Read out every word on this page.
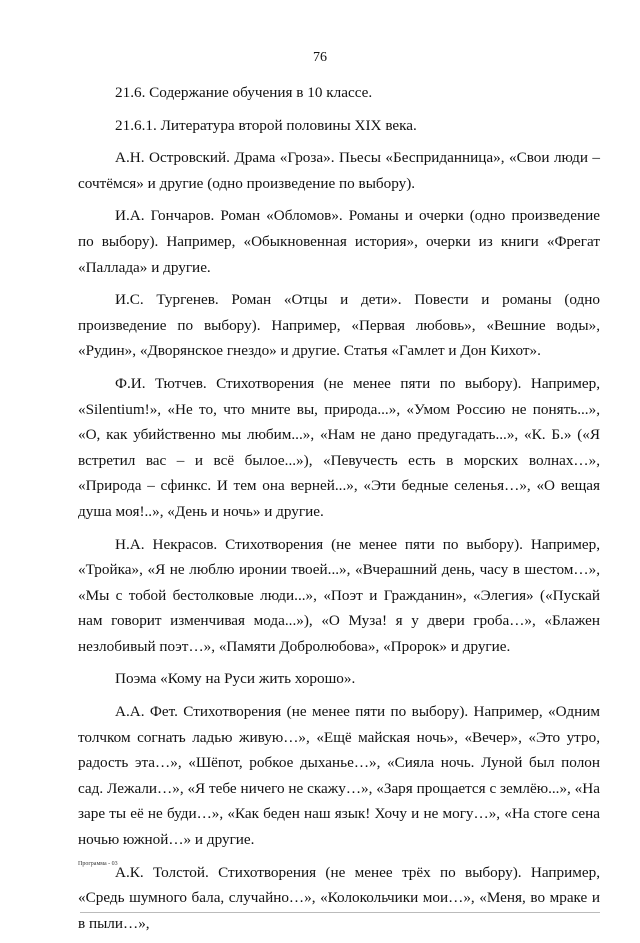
76

21.6. Содержание обучения в 10 классе.

21.6.1. Литература второй половины XIX века.

А.Н. Островский. Драма «Гроза». Пьесы «Бесприданница», «Свои люди – сочтёмся» и другие (одно произведение по выбору).

И.А. Гончаров. Роман «Обломов». Романы и очерки (одно произведение по выбору). Например, «Обыкновенная история», очерки из книги «Фрегат «Паллада» и другие.

И.С. Тургенев. Роман «Отцы и дети». Повести и романы (одно произведение по выбору). Например, «Первая любовь», «Вешние воды», «Рудин», «Дворянское гнездо» и другие. Статья «Гамлет и Дон Кихот».

Ф.И. Тютчев. Стихотворения (не менее пяти по выбору). Например, «Silentium!», «Не то, что мните вы, природа...», «Умом Россию не понять...», «О, как убийственно мы любим...», «Нам не дано предугадать...», «К. Б.» («Я встретил вас – и всё былое...»), «Певучесть есть в морских волнах…», «Природа – сфинкс. И тем она верней...», «Эти бедные селенья…», «О вещая душа моя!..», «День и ночь» и другие.

Н.А. Некрасов. Стихотворения (не менее пяти по выбору). Например, «Тройка», «Я не люблю иронии твоей...», «Вчерашний день, часу в шестом…», «Мы с тобой бестолковые люди...», «Поэт и Гражданин», «Элегия» («Пускай нам говорит изменчивая мода...»), «О Муза! я у двери гроба…», «Блажен незлобивый поэт…», «Памяти Добролюбова», «Пророк» и другие.

Поэма «Кому на Руси жить хорошо».

А.А. Фет. Стихотворения (не менее пяти по выбору). Например, «Одним толчком согнать ладью живую…», «Ещё майская ночь», «Вечер», «Это утро, радость эта…», «Шёпот, робкое дыханье…», «Сияла ночь. Луной был полон сад. Лежали…», «Я тебе ничего не скажу…», «Заря прощается с землёю...», «На заре ты её не буди…», «Как беден наш язык! Хочу и не могу…», «На стоге сена ночью южной…» и другие.

А.К. Толстой. Стихотворения (не менее трёх по выбору). Например, «Средь шумного бала, случайно…», «Колокольчики мои…», «Меня, во мраке и в пыли…»,

Программа - 03
